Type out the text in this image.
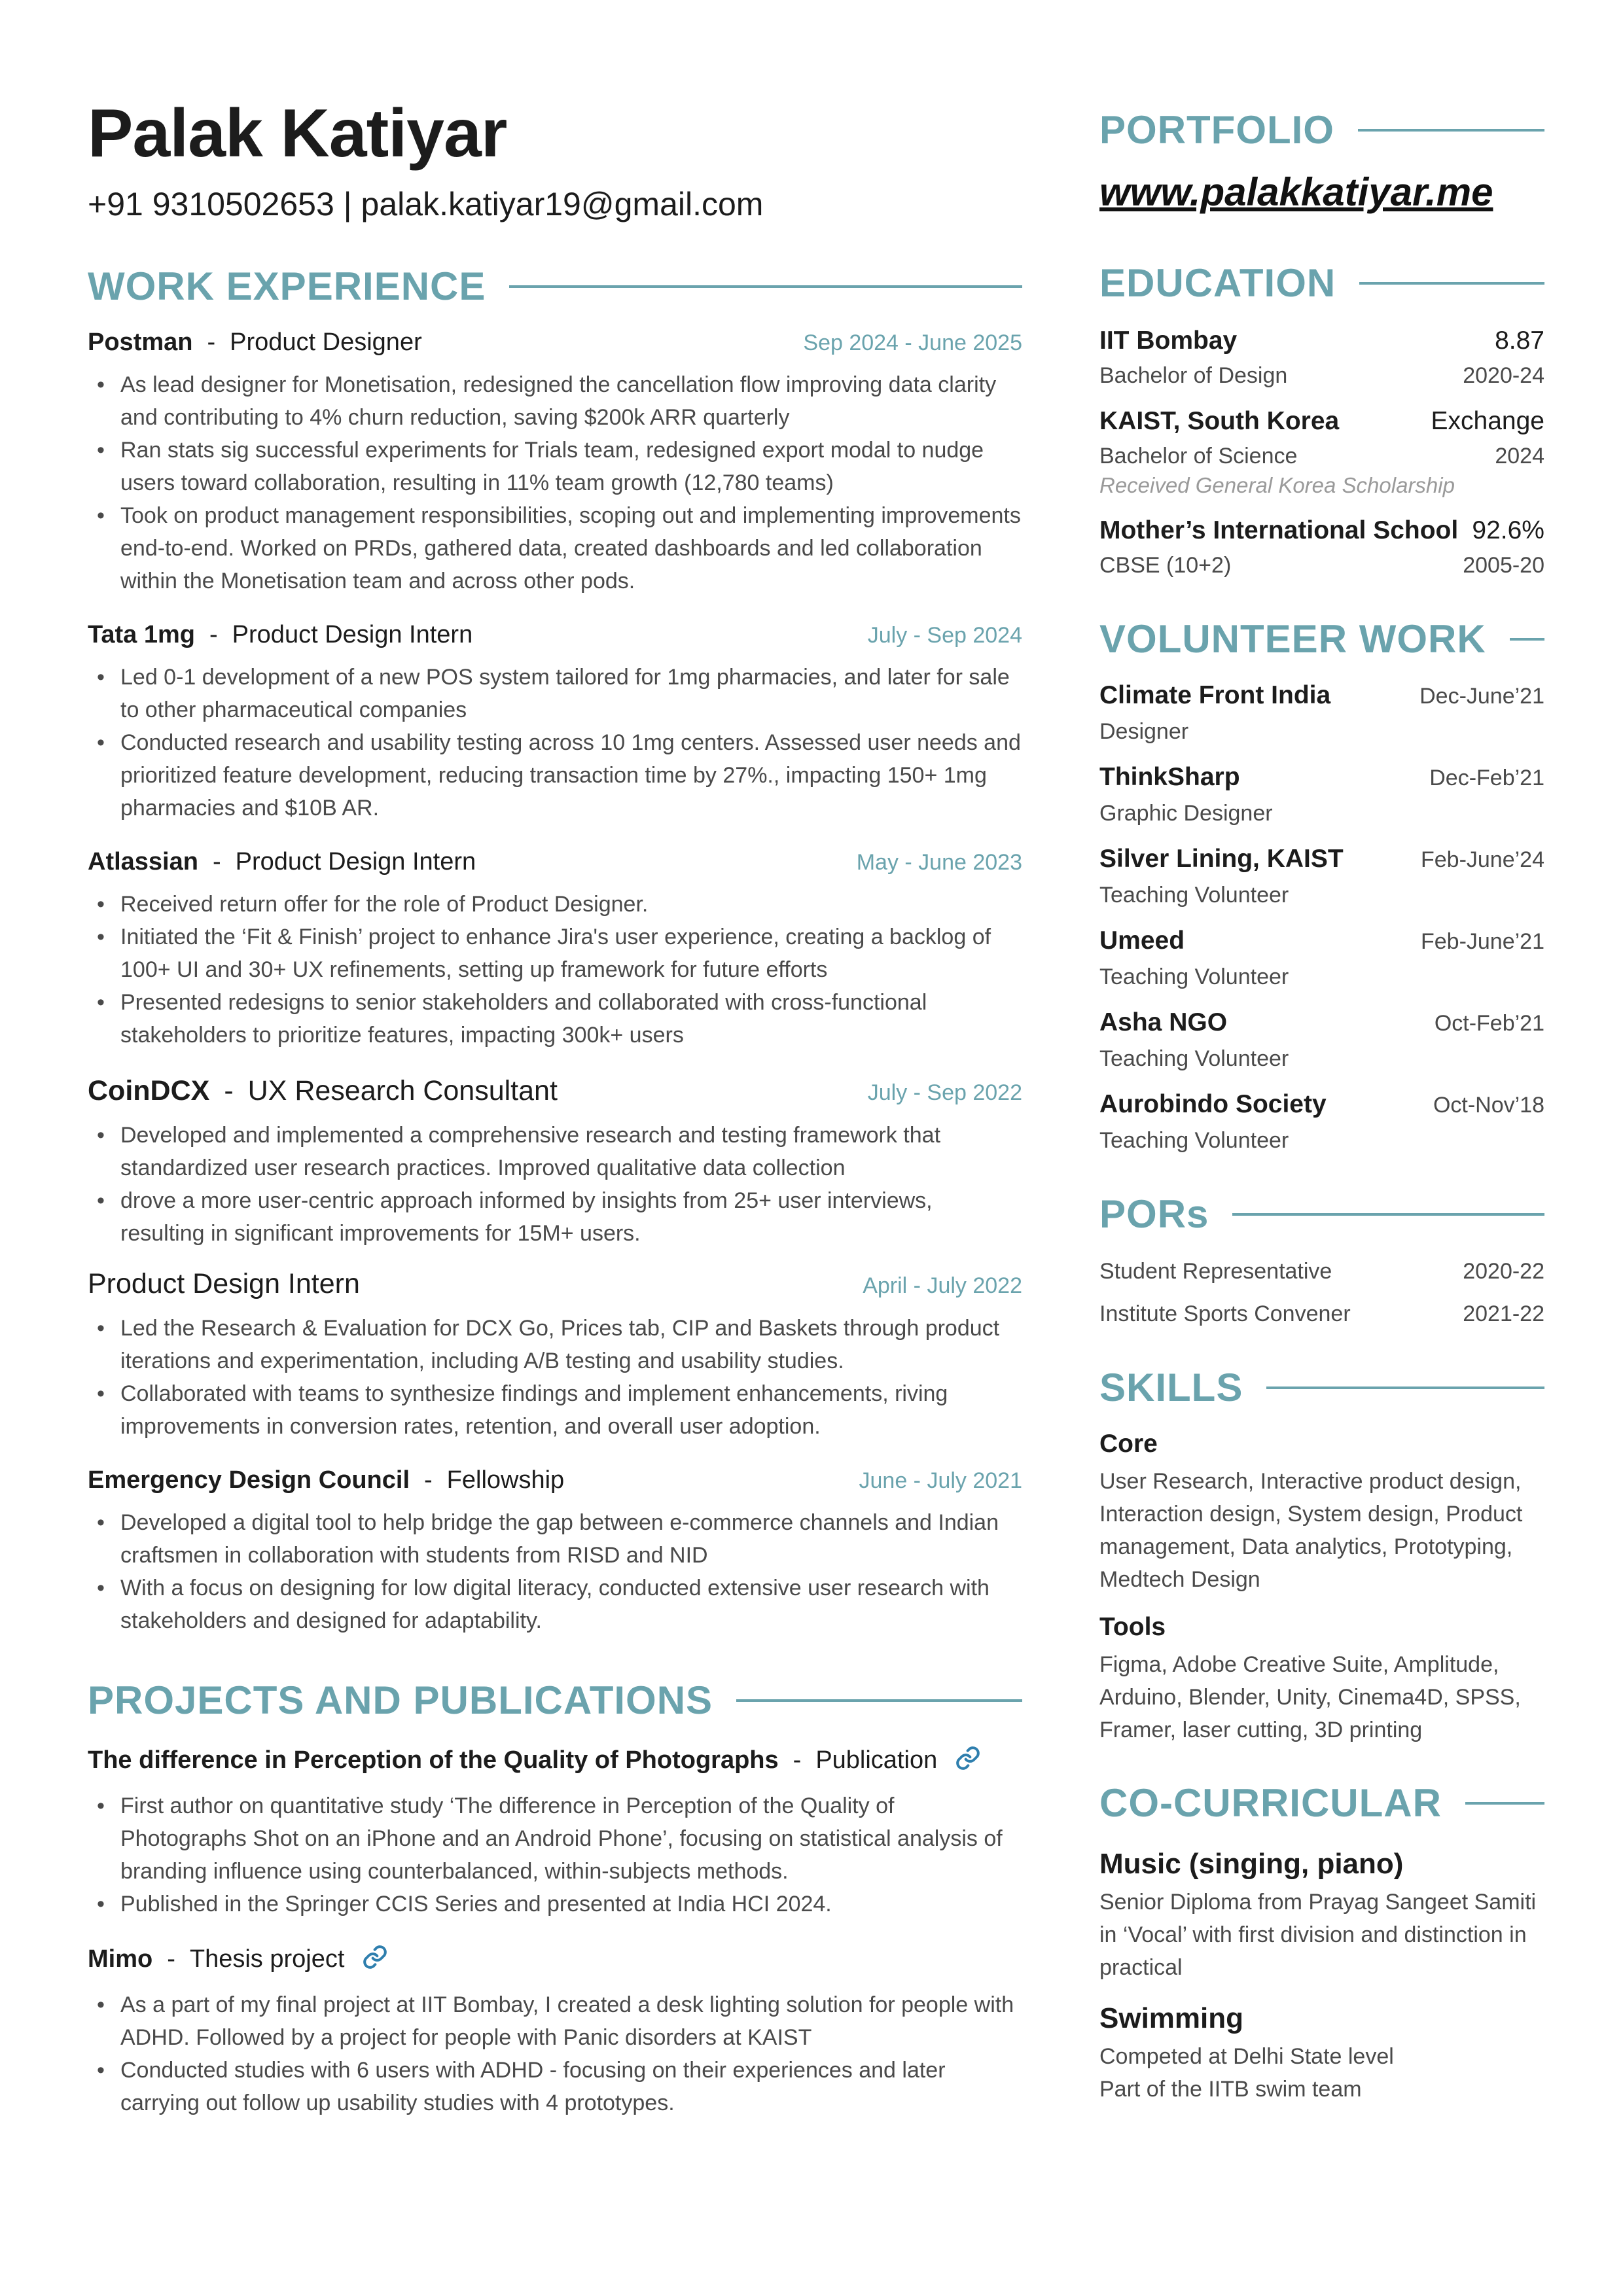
Palak Katiyar
+91 9310502653 | palak.katiyar19@gmail.com
WORK EXPERIENCE
Postman - Product Designer	Sep 2024 - June 2025
• As lead designer for Monetisation, redesigned the cancellation flow improving data clarity and contributing to 4% churn reduction, saving $200k ARR quarterly
• Ran stats sig successful experiments for Trials team, redesigned export modal to nudge users toward collaboration, resulting in 11% team growth (12,780 teams)
• Took on product management responsibilities, scoping out and implementing improvements end-to-end. Worked on PRDs, gathered data, created dashboards and led collaboration within the Monetisation team and across other pods.
Tata 1mg - Product Design Intern	July - Sep 2024
• Led 0-1 development of a new POS system tailored for 1mg pharmacies, and later for sale to other pharmaceutical companies
• Conducted research and usability testing across 10 1mg centers. Assessed user needs and prioritized feature development, reducing transaction time by 27%., impacting 150+ 1mg pharmacies and $10B AR.
Atlassian - Product Design Intern	May - June 2023
• Received return offer for the role of Product Designer.
• Initiated the ‘Fit & Finish’ project to enhance Jira's user experience, creating a backlog of 100+ UI and 30+ UX refinements, setting up framework for future efforts
• Presented redesigns to senior stakeholders and collaborated with cross-functional stakeholders to prioritize features, impacting 300k+ users
CoinDCX - UX Research Consultant	July - Sep 2022
• Developed and implemented a comprehensive research and testing framework that standardized user research practices. Improved qualitative data collection
• drove a more user-centric approach informed by insights from 25+ user interviews, resulting in significant improvements for 15M+ users.
Product Design Intern	April - July 2022
• Led the Research & Evaluation for DCX Go, Prices tab, CIP and Baskets through product iterations and experimentation, including A/B testing and usability studies.
• Collaborated with teams to synthesize findings and implement enhancements, riving improvements in conversion rates, retention, and overall user adoption.
Emergency Design Council - Fellowship	June - July 2021
• Developed a digital tool to help bridge the gap between e-commerce channels and Indian craftsmen in collaboration with students from RISD and NID
• With a focus on designing for low digital literacy, conducted extensive user research with stakeholders and designed for adaptability.
PROJECTS AND PUBLICATIONS
The difference in Perception of the Quality of Photographs - Publication
• First author on quantitative study ‘The difference in Perception of the Quality of Photographs Shot on an iPhone and an Android Phone’, focusing on statistical analysis of branding influence using counterbalanced, within-subjects methods.
• Published in the Springer CCIS Series and presented at India HCI 2024.
Mimo - Thesis project
• As a part of my final project at IIT Bombay, I created a desk lighting solution for people with ADHD. Followed by a project for people with Panic disorders at KAIST
• Conducted studies with 6 users with ADHD - focusing on their experiences and later carrying out follow up usability studies with 4 prototypes.
PORTFOLIO
www.palakkatiyar.me
EDUCATION
IIT Bombay	8.87
Bachelor of Design	2020-24
KAIST, South Korea	Exchange
Bachelor of Science	2024
Received General Korea Scholarship
Mother’s International School 92.6%
CBSE (10+2)	2005-20
VOLUNTEER WORK
Climate Front India	Dec-June’21
Designer
ThinkSharp	Dec-Feb’21
Graphic Designer
Silver Lining, KAIST	Feb-June’24
Teaching Volunteer
Umeed	Feb-June’21
Teaching Volunteer
Asha NGO	Oct-Feb’21
Teaching Volunteer
Aurobindo Society	Oct-Nov’18
Teaching Volunteer
PORs
Student Representative	2020-22
Institute Sports Convener	2021-22
SKILLS
Core
User Research, Interactive product design, Interaction design, System design, Product management, Data analytics, Prototyping, Medtech Design
Tools
Figma, Adobe Creative Suite, Amplitude, Arduino, Blender, Unity, Cinema4D, SPSS, Framer, laser cutting, 3D printing
CO-CURRICULAR
Music (singing, piano)
Senior Diploma from Prayag Sangeet Samiti in ‘Vocal’ with first division and distinction in practical
Swimming
Competed at Delhi State level
Part of the IITB swim team
